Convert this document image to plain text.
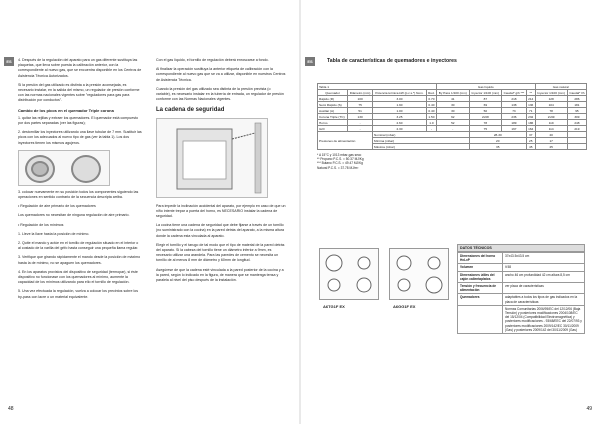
ES	4. Después de la regulación del aparato para un gas diferente sustituya las plaquetas, que lleva sobre puesta la calibración anterior, con la correspondiente al nuevo gas, que se encuentra disponible en los Centros de Asistencia Técnica Autorizados.

Si la presión del gas utilizado es distinta a la presión aconsejada, es necesario instalar, en la salida del mismo, un regulador de presión conforme con las normas nacionales vigentes sobre "reguladores para gas para distribución por conductos".

Cambio de los picos en el quemador Triple corona

1. quitar las rejillas y extraer los quemadores. El quemador está compuesto por dos partes separadas (ver las figuras);

2. destornillar los inyectores utilizando una llave tubular de 7 mm. Sustituir las picos con los adecuados al nuevo tipo de gas (ver la tabla 1). Los dos inyectores tienen los mismos agujeros.

3. colocar nuevamente en su posición todos los componentes siguiendo las operaciones en sentido contrario de la secuencia descripta arriba.

• Regulación de aire primario de los quemadores

Los quemadores no necesitan de ninguna regulación de aire primario.

• Regulación de los mínimos

1. Lleve la llave hasta la posición de mínimo.

2. Quite el mando y actúe en el tornillo de regulación situado en el interior o al costado de la varilla del grifo hasta conseguir una pequeña llama regular.

3. Verifique que girando rápidamente el mando desde la posición de máximo hasta la de mínimo, no se apaguen los quemadores.

4. En los aparatos provistos del dispositivo de seguridad (termopar), si éste dispositivo no funcionase con los quemadores al mínimo, aumente la capacidad de los mínimos utilizando para ello el tornillo de regulación.

5. Una vez efectuada la regulación, vuelva a colocar los precintos sobre los by-pass con lacre o un material equivalente.

Con el gas líquido, el tornillo de regulación deberá enroscarse a fondo.

Al finalizar la operación sustituya la anterior etiqueta de calibración con la correspondiente al nuevo gas que se va a utilizar, disponible en nuestros Centros de Asistencia Técnica.

Cuando la presión del gas utilizado sea distinta de la presión prevista (o variable), es necesario instalar en la tubería de entrada, un regulador de presión conforme con las Normas Nacionales vigentes.

La cadena de seguridad

Para impedir la inclinación accidental del aparato, por ejemplo en caso de que un niño intente trepar a puerta del horno, es NECESARIO instalar la cadena de seguridad.

La cocina tiene una cadena de seguridad que debe fijarse a través de un tornillo (no suministrado con la cocina) en la pared detrás del aparato, a la misma altura donde la cadena esta vinculada al aparato.

Elegir el tornillo y el tarugo de tal modo que el tipo de material de la pared detrás del aparato. Si la cabeza del tornillo tiene un diámetro inferior a 9mm, es necesario utilizar una arandela. Para las paredes de cemento se necesita un tornillo de al menos 8 mm de diámetro y 60mm de longitud.

Asegúrese de que la cadena esté vinculada a la pared posterior de la cocina y a la pared, según lo indicado en la figura, de manera que se mantenga tensa y paralela al nivel del piso después de la instalación.

48
ES	Tabla de características de quemadores e inyectores
Tabla 1				Gas líquido				Gas natural	
Quemador	Diámetro (mm)	Potencia térmica kW (p.c.s.*) Nom.	Red.	By Pass 1/100 (mm)	Inyector 1/100 (mm)	Caudal* g/h ***	**	Inyector 1/100 (mm)	Caudal* l/h
Rápido (R)	100	3.00	0.70	41	87	218	214	128	286
Semi Rápido (S)	75	1.90	0.40	30	69	138	136	104	181
Auxiliar (A)	51	1.00	0.40	30	50	73	71	78	95
Corona Triple (TC)	130	3.25	1.50	62	2x68	236	232	2x99	309
Horno	-	2.60	1.0	52	78	189	186	119	248
Grill	-	2.30	-	-	75	167	164	114	219
Presiones de alimentación		Nominal (mbar)			28-30		37	20	
		Mínima (mbar)			20		25	17	
		Máxima (mbar)			35		45	25	
* A 15°C y 1013 mbar-gas seco
** Propano P.C.S. = 50.37 MJ/Kg
*** Butano P.C.S. = 49.47 MJ/Kg
Natural P.C.S. = 37.78 MJ/m³
A6TG1F EX	A6GG1F EX
DATOS TÉCNICOS
Dimensiones del horno HxLxP	37x43.5x43.5 cm
Volumen	lt 58
Dimensiones útiles del cajón calientaplatos	ancho 46 cm profundidad 42 cm altura 8,5 cm
Tensión y frecuencia de alimentación	ver placa de características
Quemadores	adaptables a todos los tipos de gas indicados en la placa de características
	Normas Comunitarias 2006/95/EC del 12/12/06 (Baja Tensión) y posteriores modificaciones 2004/108/EC del 15/12/04 (Compatibilidad Electromagnética) y posteriores modificaciones - 93/68/EEC del 22/07/93 y posteriores modificaciones 2009/142/EC 30/11/2009 (Gas) y posteriores 2009/142 del 30/11/2009 (Gas)
49
